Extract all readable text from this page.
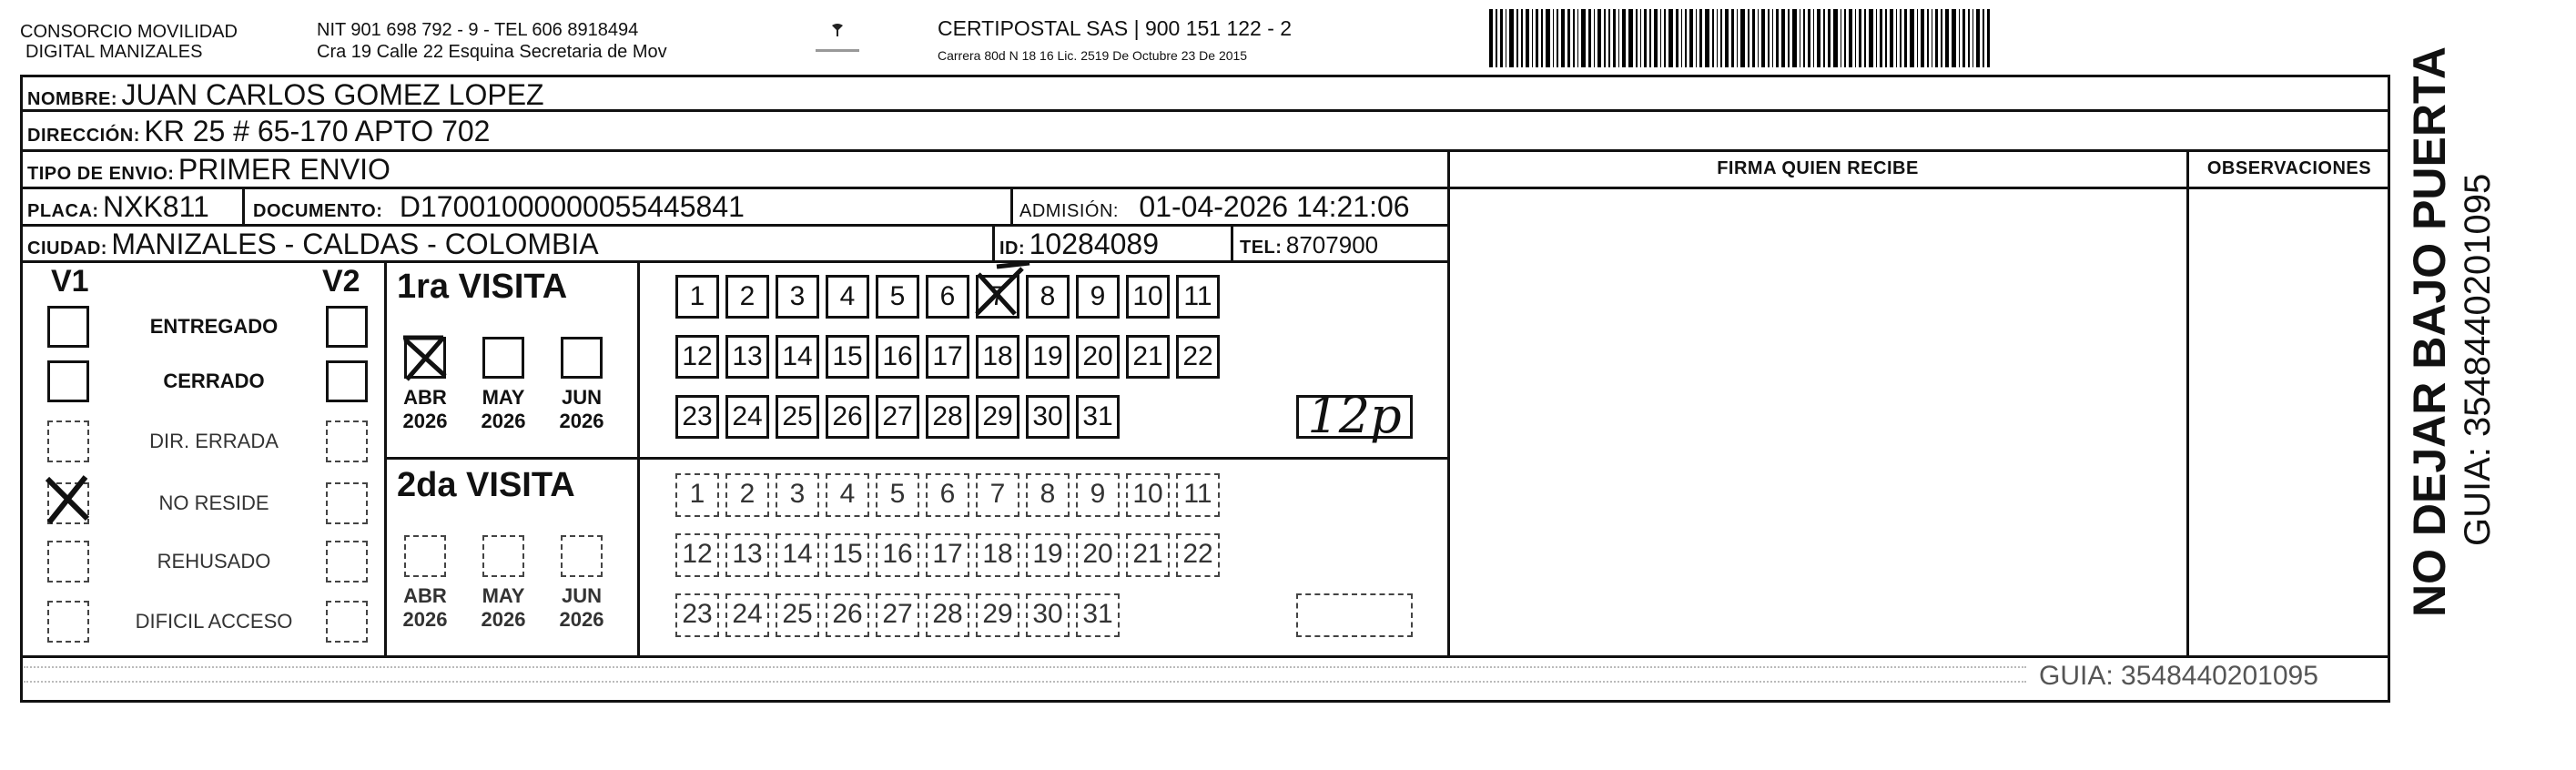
CONSORCIO MOVILIDAD
DIGITAL MANIZALES
NIT 901 698 792 - 9 - TEL 606 8918494
Cra 19 Calle 22 Esquina Secretaria de Mov
CERTIPOSTAL SAS | 900 151 122 - 2
Carrera 80d N 18 16 Lic. 2519 De Octubre 23 De 2015
NOMBRE: JUAN CARLOS GOMEZ LOPEZ
DIRECCIÓN: KR 25 # 65-170 APTO 702
TIPO DE ENVIO: PRIMER ENVIO
PLACA: NXK811 DOCUMENTO: D17001000000055445841	ADMISIÓN: 01-04-2026 14:21:06
CIUDAD: MANIZALES - CALDAS - COLOMBIA	ID: 10284089	TEL: 8707900
FIRMA QUIEN RECIBE	OBSERVACIONES
V1	V2
ENTREGADO
CERRADO
DIR. ERRADA
NO RESIDE
REHUSADO
DIFICIL ACCESO
1ra VISITA
ABR
2026
MAY
2026
JUN
2026
1	2	3	4	5	6	7	8	9 10 11
12 13 14 15 16 17 18 19 20 21 22
23 24 25 26 27 28 29 30 31	12p
2da VISITA
ABR
2026
MAY
2026
JUN
2026
1	2	3	4	5	6	7	8	9 10 11
12 13 14 15 16 17 18 19 20 21 22
23 24 25 26 27 28 29 30 31
GUIA: 3548440201095
NO DEJAR BAJO PUERTA GUIA: 3548440201095
